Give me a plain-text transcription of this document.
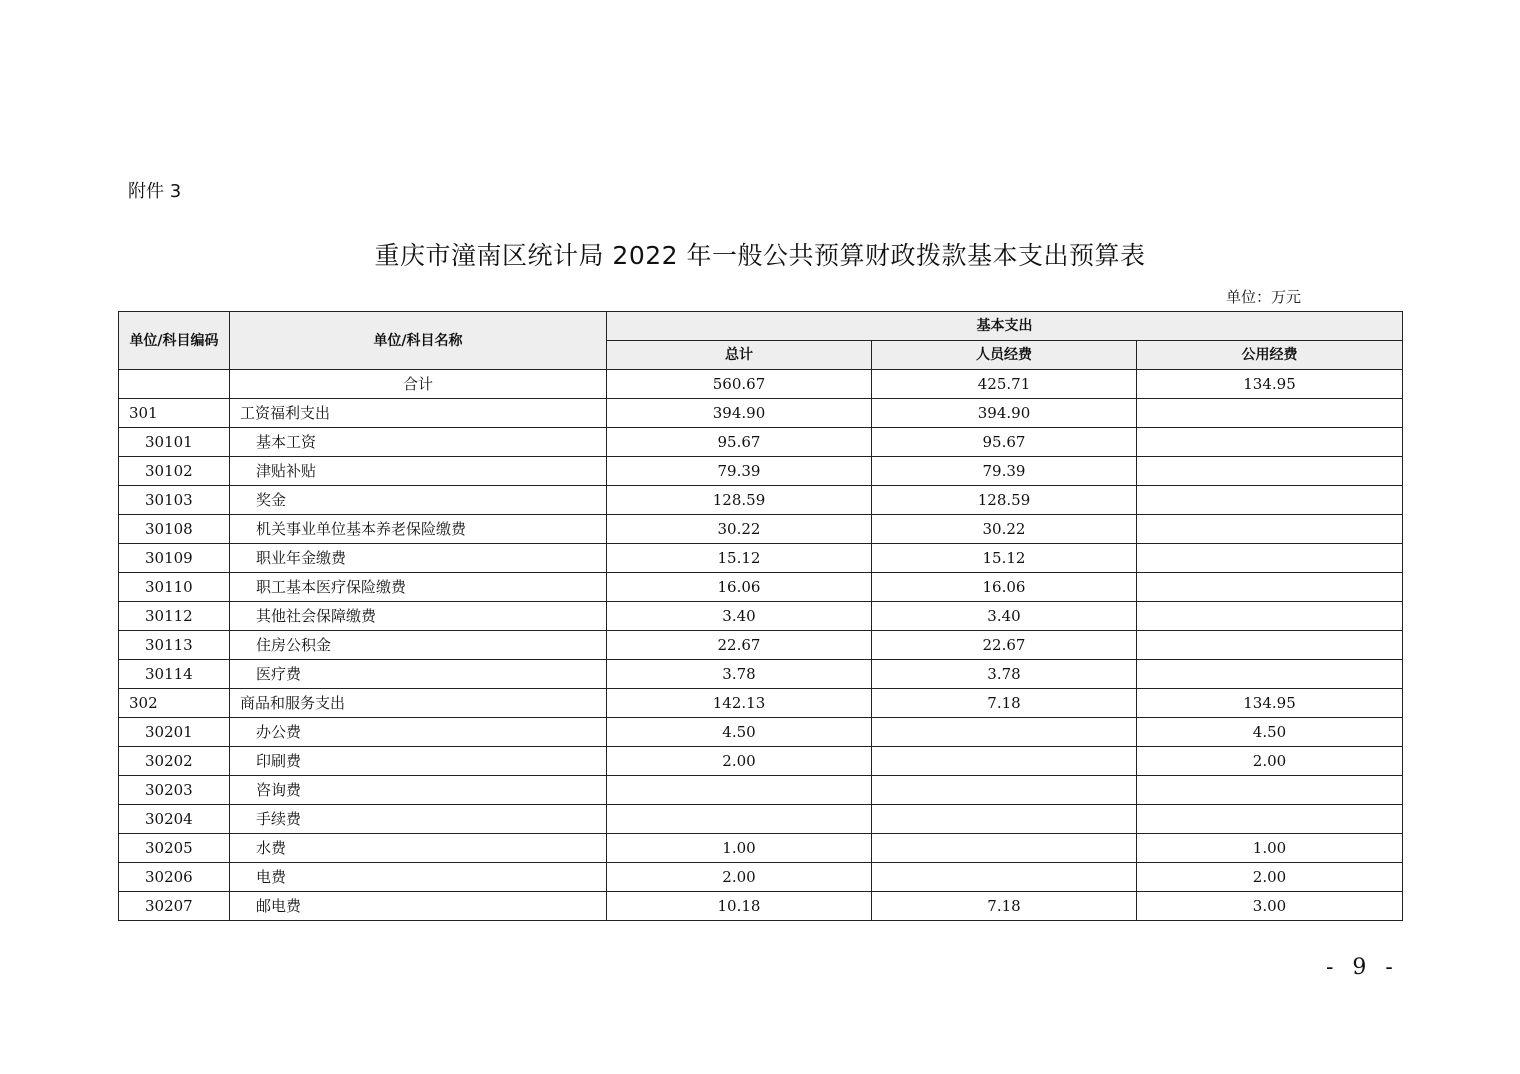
附件 3
重庆市潼南区统计局 2022 年一般公共预算财政拨款基本支出预算表
单位：万元
单位/科目编码	单位/科目名称	基本支出		
		总计	人员经费	公用经费
	合计	560.67	425.71	134.95
301	工资福利支出	394.90	394.90	
30101	基本工资	95.67	95.67	
30102	津贴补贴	79.39	79.39	
30103	奖金	128.59	128.59	
30108	机关事业单位基本养老保险缴费	30.22	30.22	
30109	职业年金缴费	15.12	15.12	
30110	职工基本医疗保险缴费	16.06	16.06	
30112	其他社会保障缴费	3.40	3.40	
30113	住房公积金	22.67	22.67	
30114	医疗费	3.78	3.78	
302	商品和服务支出	142.13	7.18	134.95
30201	办公费	4.50		4.50
30202	印刷费	2.00		2.00
30203	咨询费			
30204	手续费			
30205	水费	1.00		1.00
30206	电费	2.00		2.00
30207	邮电费	10.18	7.18	3.00
- 9 -
